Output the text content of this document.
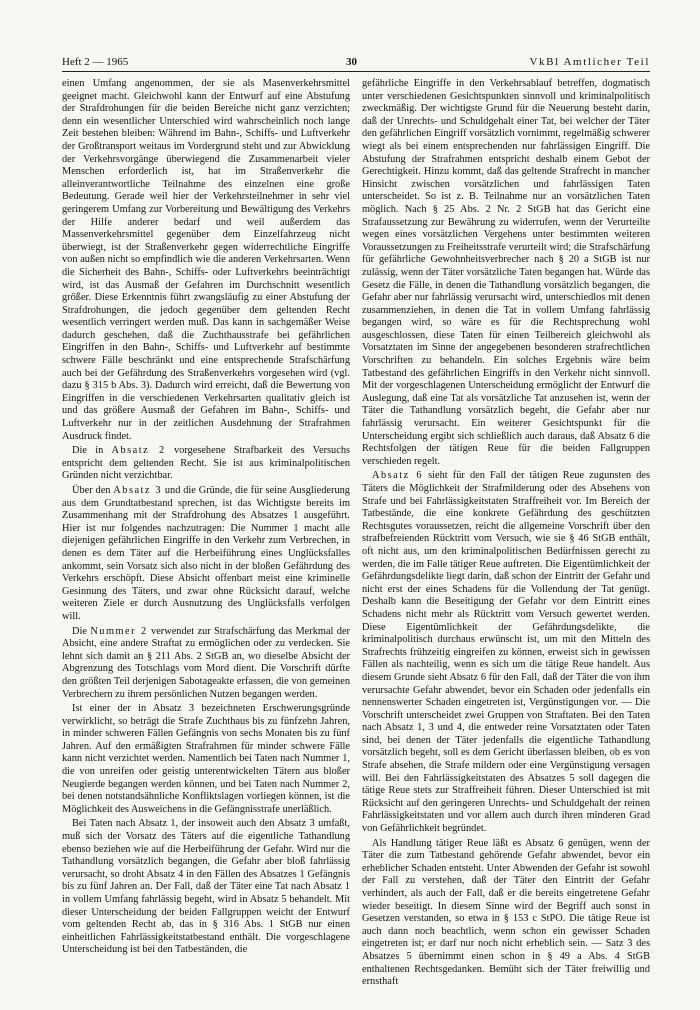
Heft 2 — 1965	30	VkBl Amtlicher Teil

einen Umfang angenommen, der sie als Masenverkehrsmittel geeignet macht. Gleichwohl kann der Entwurf auf eine Abstufung der Strafdrohungen für die beiden Bereiche nicht ganz verzichten; denn ein wesentlicher Unterschied wird wahrscheinlich noch lange Zeit bestehen bleiben: Während im Bahn-, Schiffs- und Luftverkehr der Großtransport weitaus im Vordergrund steht und zur Abwicklung der Verkehrsvorgänge überwiegend die Zusammenarbeit vieler Menschen erforderlich ist, hat im Straßenverkehr die alleinverantwortliche Teilnahme des einzelnen eine große Bedeutung. Gerade weil hier der Verkehrsteilnehmer in sehr viel geringerem Umfang zur Vorbereitung und Bewältigung des Verkehrs der Hilfe anderer bedarf und weil außerdem das Massenverkehrsmittel gegenüber dem Einzelfahrzeug nicht überwiegt, ist der Straßenverkehr gegen widerrechtliche Eingriffe von außen nicht so empfindlich wie die anderen Verkehrsarten. Wenn die Sicherheit des Bahn-, Schiffs- oder Luftverkehrs beeinträchtigt wird, ist das Ausmaß der Gefahren im Durchschnitt wesentlich größer. Diese Erkenntnis führt zwangsläufig zu einer Abstufung der Strafdrohungen, die jedoch gegenüber dem geltenden Recht wesentlich verringert werden muß. Das kann in sachgemäßer Weise dadurch geschehen, daß die Zuchthausstrafe bei gefährlichen Eingriffen in den Bahn-, Schiffs- und Luftverkehr auf bestimmte schwere Fälle beschränkt und eine entsprechende Strafschärfung auch bei der Gefährdung des Straßenverkehrs vorgesehen wird (vgl. dazu § 315 b Abs. 3). Dadurch wird erreicht, daß die Bewertung von Eingriffen in die verschiedenen Verkehrsarten qualitativ gleich ist und das größere Ausmaß der Gefahren im Bahn-, Schiffs- und Luftverkehr nur in der zeitlichen Ausdehnung der Strafrahmen Ausdruck findet.

Die in Absatz 2 vorgesehene Strafbarkeit des Versuchs entspricht dem geltenden Recht. Sie ist aus kriminalpolitischen Gründen nicht verzichtbar.

Über den Absatz 3 und die Gründe, die für seine Ausgliederung aus dem Grundtatbestand sprechen, ist das Wichtigste bereits im Zusammenhang mit der Strafdrohung des Absatzes 1 ausgeführt. Hier ist nur folgendes nachzutragen: Die Nummer 1 macht alle diejenigen gefährlichen Eingriffe in den Verkehr zum Verbrechen, in denen es dem Täter auf die Herbeiführung eines Unglücksfalles ankommt, sein Vorsatz sich also nicht in der bloßen Gefährdung des Verkehrs erschöpft. Diese Absicht offenbart meist eine kriminelle Gesinnung des Täters, und zwar ohne Rücksicht darauf, welche weiteren Ziele er durch Ausnutzung des Unglücksfalls verfolgen will.

Die Nummer 2 verwendet zur Strafschärfung das Merkmal der Absicht, eine andere Straftat zu ermöglichen oder zu verdecken. Sie lehnt sich damit an § 211 Abs. 2 StGB an, wo dieselbe Absicht der Abgrenzung des Totschlags vom Mord dient. Die Vorschrift dürfte den größten Teil derjenigen Sabotageakte erfassen, die von gemeinen Verbrechern zu ihrem persönlichen Nutzen begangen werden.

Ist einer der in Absatz 3 bezeichneten Erschwerungsgründe verwirklicht, so beträgt die Strafe Zuchthaus bis zu fünfzehn Jahren, in minder schweren Fällen Gefängnis von sechs Monaten bis zu fünf Jahren. Auf den ermäßigten Strafrahmen für minder schwere Fälle kann nicht verzichtet werden. Namentlich bei Taten nach Nummer 1, die von unreifen oder geistig unterentwickelten Tätern aus bloßer Neugierde begangen werden können, und bei Taten nach Nummer 2, bei denen notstandsähnliche Konfliktslagen vorliegen können, ist die Möglichkeit des Ausweichens in die Gefängnisstrafe unerläßlich.

Bei Taten nach Absatz 1, der insoweit auch den Absatz 3 umfaßt, muß sich der Vorsatz des Täters auf die eigentliche Tathandlung ebenso beziehen wie auf die Herbeiführung der Gefahr. Wird nur die Tathandlung vorsätzlich begangen, die Gefahr aber bloß fahrlässig verursacht, so droht Absatz 4 in den Fällen des Absatzes 1 Gefängnis bis zu fünf Jahren an. Der Fall, daß der Täter eine Tat nach Absatz 1 in vollem Umfang fahrlässig begeht, wird in Absatz 5 behandelt. Mit dieser Unterscheidung der beiden Fallgruppen weicht der Entwurf vom geltenden Recht ab, das in § 316 Abs. 1 StGB nur einen einheitlichen Fahrlässigkeitstatbestand enthält. Die vorgeschlagene Unterscheidung ist bei den Tatbeständen, die

gefährliche Eingriffe in den Verkehrsablauf betreffen, dogmatisch unter verschiedenen Gesichtspunkten sinnvoll und kriminalpolitisch zweckmäßig. Der wichtigste Grund für die Neuerung besteht darin, daß der Unrechts- und Schuldgehalt einer Tat, bei welcher der Täter den gefährlichen Eingriff vorsätzlich vornimmt, regelmäßig schwerer wiegt als bei einem entsprechenden nur fahrlässigen Eingriff. Die Abstufung der Strafrahmen entspricht deshalb einem Gebot der Gerechtigkeit. Hinzu kommt, daß das geltende Strafrecht in mancher Hinsicht zwischen vorsätzlichen und fahrlässigen Taten unterscheidet. So ist z. B. Teilnahme nur an vorsätzlichen Taten möglich. Nach § 25 Abs. 2 Nr. 2 StGB hat das Gericht eine Strafaussetzung zur Bewährung zu widerrufen, wenn der Verurteilte wegen eines vorsätzlichen Vergehens unter bestimmten weiteren Voraussetzungen zu Freiheitsstrafe verurteilt wird; die Strafschärfung für gefährliche Gewohnheitsverbrecher nach § 20 a StGB ist nur zulässig, wenn der Täter vorsätzliche Taten begangen hat. Würde das Gesetz die Fälle, in denen die Tathandlung vorsätzlich begangen, die Gefahr aber nur fahrlässig verursacht wird, unterschiedlos mit denen zusammenziehen, in denen die Tat in vollem Umfang fahrlässig begangen wird, so wäre es für die Rechtsprechung wohl ausgeschlossen, diese Taten für einen Teilbereich gleichwohl als Vorsatztaten im Sinne der angegebenen besonderen strafrechtlichen Vorschriften zu behandeln. Ein solches Ergebnis wäre beim Tatbestand des gefährlichen Eingriffs in den Verkehr nicht sinnvoll. Mit der vorgeschlagenen Unterscheidung ermöglicht der Entwurf die Auslegung, daß eine Tat als vorsätzliche Tat anzusehen ist, wenn der Täter die Tathandlung vorsätzlich begeht, die Gefahr aber nur fahrlässig verursacht. Ein weiterer Gesichtspunkt für die Unterscheidung ergibt sich schließlich auch daraus, daß Absatz 6 die Rechtsfolgen der tätigen Reue für die beiden Fallgruppen verschieden regelt.

Absatz 6 sieht für den Fall der tätigen Reue zugunsten des Täters die Möglichkeit der Strafmilderung oder des Absehens von Strafe und bei Fahrlässigkeitstaten Straffreiheit vor. Im Bereich der Tatbestände, die eine konkrete Gefährdung des geschützten Rechtsgutes voraussetzen, reicht die allgemeine Vorschrift über den strafbefreienden Rücktritt vom Versuch, wie sie § 46 StGB enthält, oft nicht aus, um den kriminalpolitischen Bedürfnissen gerecht zu werden, die im Falle tätiger Reue auftreten. Die Eigentümlichkeit der Gefährdungsdelikte liegt darin, daß schon der Eintritt der Gefahr und nicht erst der eines Schadens für die Vollendung der Tat genügt. Deshalb kann die Beseitigung der Gefahr vor dem Eintritt eines Schadens nicht mehr als Rücktritt vom Versuch gewertet werden. Diese Eigentümlichkeit der Gefährdungsdelikte, die kriminalpolitisch durchaus erwünscht ist, um mit den Mitteln des Strafrechts frühzeitig eingreifen zu können, erweist sich in gewissen Fällen als nachteilig, wenn es sich um die tätige Reue handelt. Aus diesem Grunde sieht Absatz 6 für den Fall, daß der Täter die von ihm verursachte Gefahr abwendet, bevor ein Schaden oder jedenfalls ein nennenswerter Schaden eingetreten ist, Vergünstigungen vor. — Die Vorschrift unterscheidet zwei Gruppen von Straftaten. Bei den Taten nach Absatz 1, 3 und 4, die entweder reine Vorsatztaten oder Taten sind, bei denen der Täter jedenfalls die eigentliche Tathandlung vorsätzlich begeht, soll es dem Gericht überlassen bleiben, ob es von Strafe absehen, die Strafe mildern oder eine Vergünstigung versagen will. Bei den Fahrlässigkeitstaten des Absatzes 5 soll dagegen die tätige Reue stets zur Straffreiheit führen. Dieser Unterschied ist mit Rücksicht auf den geringeren Unrechts- und Schuldgehalt der reinen Fahrlässigkeitstaten und vor allem auch durch ihren minderen Grad von Gefährlichkeit begründet.

Als Handlung tätiger Reue läßt es Absatz 6 genügen, wenn der Täter die zum Tatbestand gehörende Gefahr abwendet, bevor ein erheblicher Schaden entsteht. Unter Abwenden der Gefahr ist sowohl der Fall zu verstehen, daß der Täter den Eintritt der Gefahr verhindert, als auch der Fall, daß er die bereits eingetretene Gefahr wieder beseitigt. In diesem Sinne wird der Begriff auch sonst in Gesetzen verstanden, so etwa in § 153 c StPO. Die tätige Reue ist auch dann noch beachtlich, wenn schon ein gewisser Schaden eingetreten ist; er darf nur noch nicht erheblich sein. — Satz 3 des Absatzes 5 übernimmt einen schon in § 49 a Abs. 4 StGB enthaltenen Rechtsgedanken. Bemüht sich der Täter freiwillig und ernsthaft
